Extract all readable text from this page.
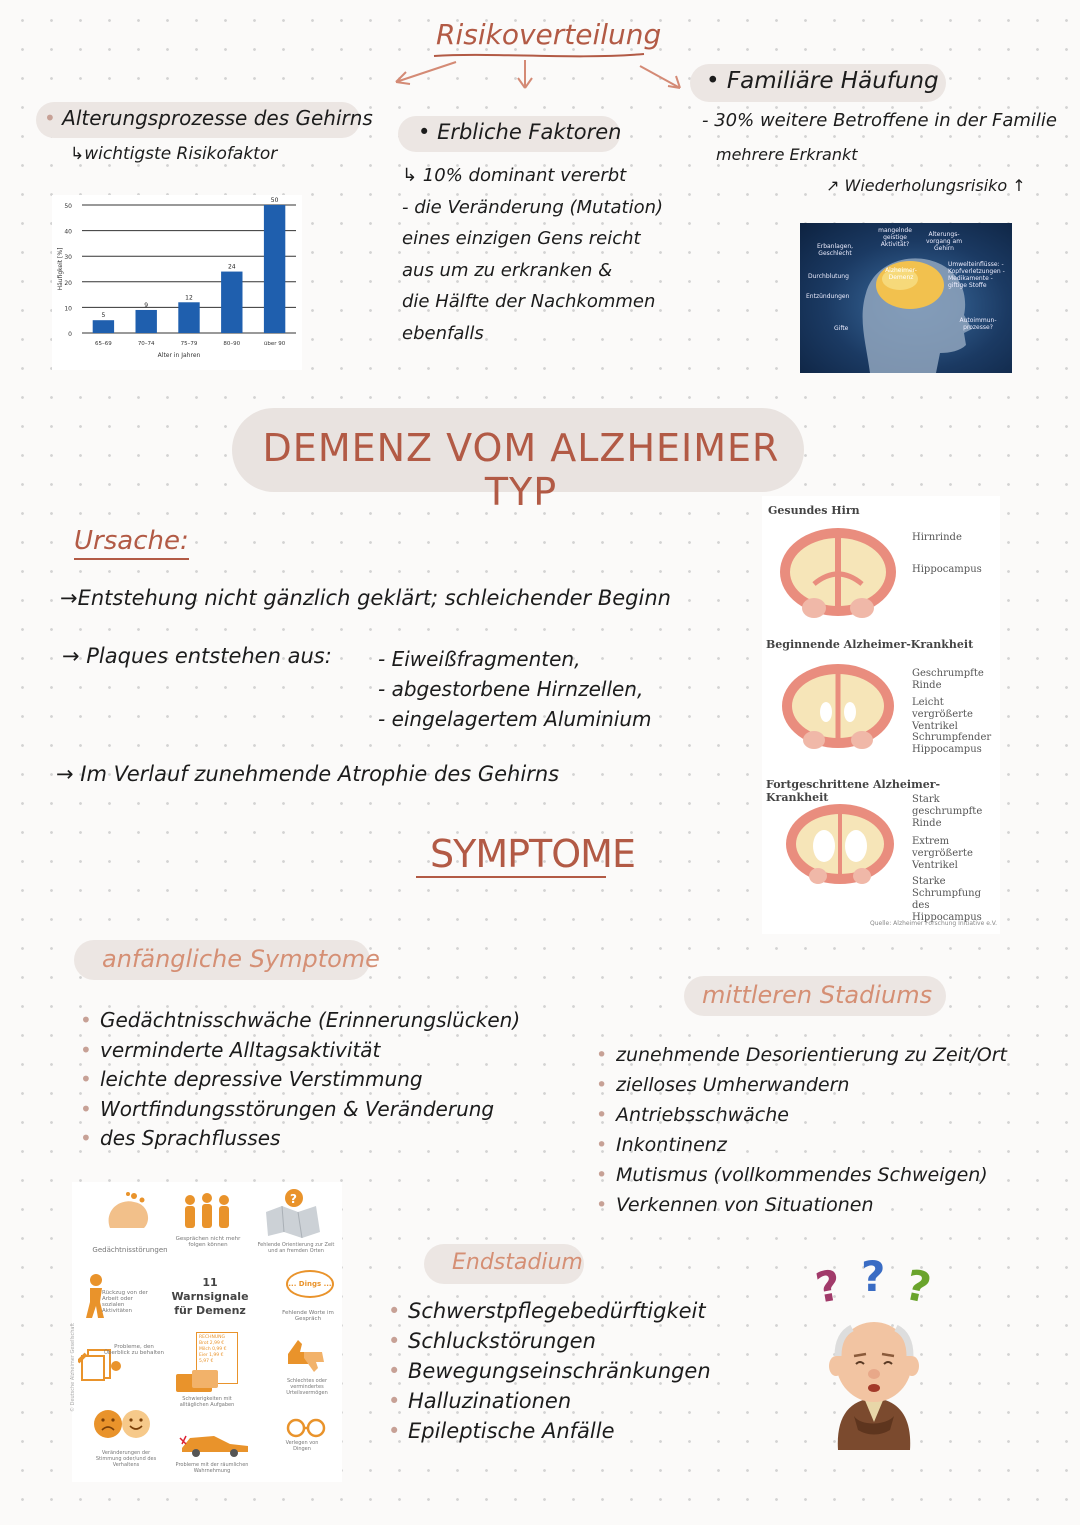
Risikoverteilung
• Alterungsprozesse des Gehirns
↳wichtigste Risikofaktor
0
10
20
30
40
50
Häufigkeit [%]
5
65–69
9
70–74
12
75–79
24
80–90
50
über 90
Alter in Jahren
• Erbliche Faktoren
↳ 10% dominant vererbt
- die Veränderung (Mutation)
eines einzigen Gens reicht
aus um zu erkranken &
die Hälfte der Nachkommen
ebenfalls
• Familiäre Häufung
- 30% weitere Betroffene in der Familie
mehrere Erkrankt
↗ Wiederholungsrisiko ↑
Erbanlagen, Geschlecht
mangelnde geistige Aktivität?
Alterungs-vorgang am Gehirn
Durchblutung
Alzheimer-Demenz
Umwelteinflüsse: -Kopfverletzungen -Medikamente -giftige Stoffe
Entzündungen
Gifte
Autoimmun-prozesse?
DEMENZ VOM ALZHEIMER TYP
Ursache:
→Entstehung nicht gänzlich geklärt; schleichender Beginn
→ Plaques entstehen aus: - Eiweißfragmenten,
- abgestorbene Hirnzellen,
- eingelagertem Aluminium
→ Im Verlauf zunehmende Atrophie des Gehirns
Gesundes Hirn
Hirnrinde
Hippocampus
Beginnende Alzheimer-Krankheit
Geschrumpfte Rinde
Leicht vergrößerte Ventrikel
Schrumpfender Hippocampus
Fortgeschrittene Alzheimer-Krankheit	Stark geschrumpfte Rinde
Extrem vergrößerte Ventrikel
Starke Schrumpfung des Hippocampus
Quelle: Alzheimer Forschung Initiative e.V.
SYMPTOME
anfängliche Symptome
• Gedächtnisschwäche (Erinnerungslücken)
• verminderte Alltagsaktivität
• leichte depressive Verstimmung
• Wortfindungsstörungen & Veränderung
• des Sprachflusses
mittleren Stadiums
• zunehmende Desorientierung zu Zeit/Ort
• zielloses Umherwandern
• Antriebsschwäche
• Inkontinenz
• Mutismus (vollkommendes Schweigen)
• Verkennen von Situationen
Endstadium
• Schwerstpflegebedürftigkeit
• Schluckstörungen
• Bewegungseinschränkungen
• Halluzinationen
• Epileptische Anfälle
© Deutsche Alzheimer Gesellschaft
11 Warnsignale für Demenz
Gedächtnisstörungen
Gesprächen nicht mehr folgen können
?
Fehlende Orientierung zur Zeit und an fremden Orten
Rückzug von der Arbeit oder sozialen Aktivitäten
... Dings ...
Fehlende Worte im Gespräch
Probleme, den Überblick zu behalten
RECHNUNG
Brot 2,99 €
Milch 0,99 €
Eier 1,99 €
5,97 €
Schwierigkeiten mit alltäglichen Aufgaben
Schlechtes oder vermindertes Urteilsvermögen
Veränderungen der Stimmung oder/und des Verhaltens	Probleme mit der räumlichen Wahrnehmung
Verlegen von Dingen
? ? ?
